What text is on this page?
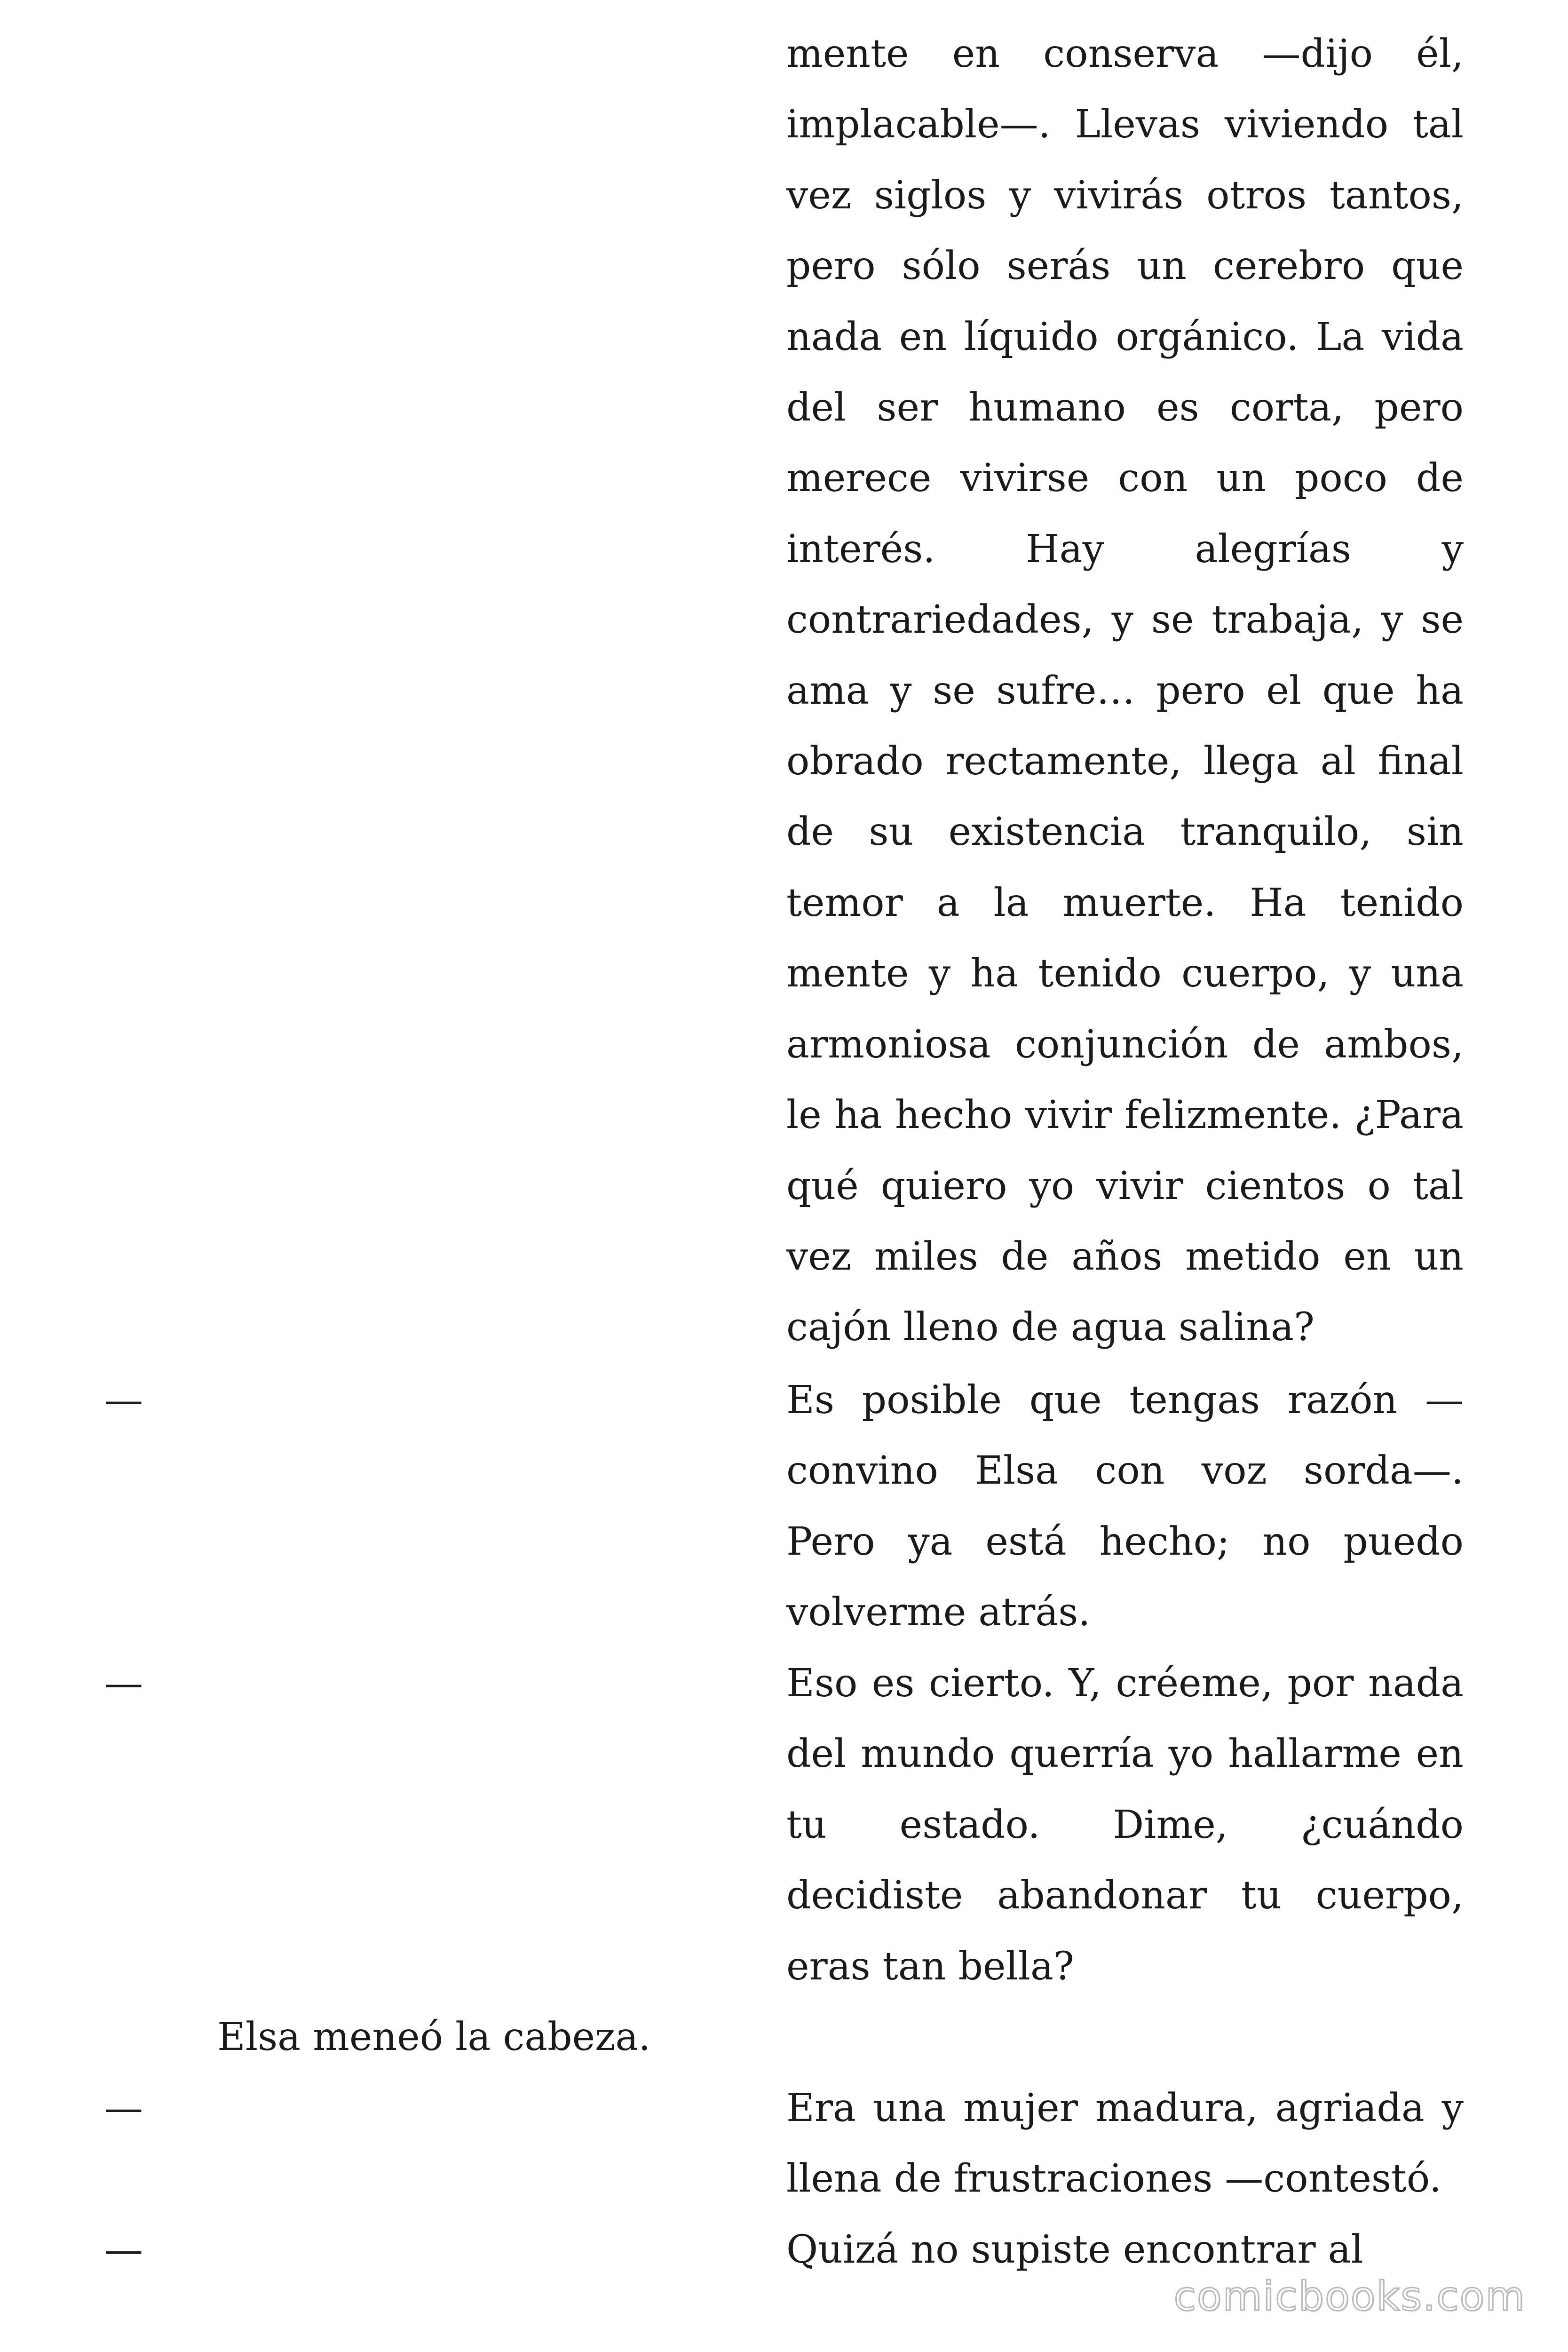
mente en conserva —dijo él, implacable—. Llevas viviendo tal vez siglos y vivirás otros tantos, pero sólo serás un cerebro que nada en líquido orgánico. La vida del ser humano es corta, pero merece vivirse con un poco de interés. Hay alegrías y contrariedades, y se trabaja, y se ama y se sufre… pero el que ha obrado rectamente, llega al final de su existencia tranquilo, sin temor a la muerte. Ha tenido mente y ha tenido cuerpo, y una armoniosa conjunción de ambos, le ha hecho vivir felizmente. ¿Para qué quiero yo vivir cientos o tal vez miles de años metido en un cajón lleno de agua salina?
—	Es posible que tengas razón —convino Elsa con voz sorda—. Pero ya está hecho; no puedo volverme atrás.
—	Eso es cierto. Y, créeme, por nada del mundo querría yo hallarme en tu estado. Dime, ¿cuándo decidiste abandonar tu cuerpo, eras tan bella?
Elsa meneó la cabeza.
—	Era una mujer madura, agriada y llena de frustraciones —contestó.
—	Quizá no supiste encontrar al
comicbooks.com
